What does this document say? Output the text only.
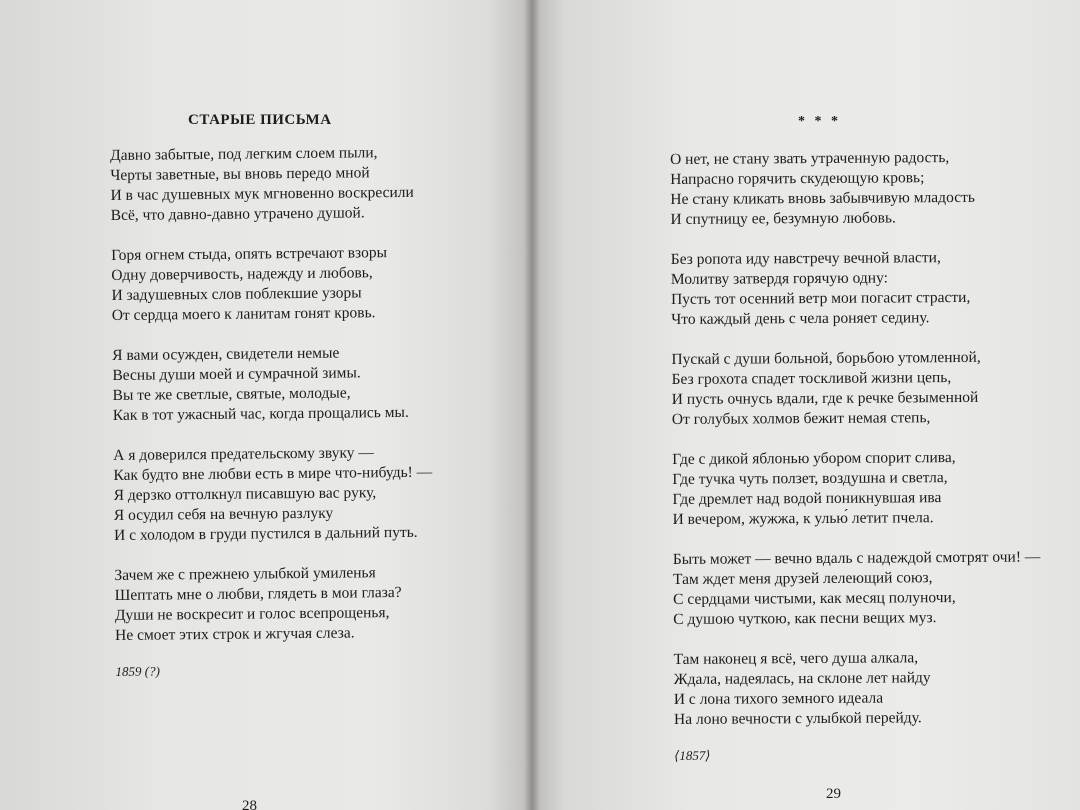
СТАРЫЕ ПИСЬМА
Давно забытые, под легким слоем пыли,
Черты заветные, вы вновь передо мной
И в час душевных мук мгновенно воскресили
Всё, что давно-давно утрачено душой.
Горя огнем стыда, опять встречают взоры
Одну доверчивость, надежду и любовь,
И задушевных слов поблекшие узоры
От сердца моего к ланитам гонят кровь.
Я вами осужден, свидетели немые
Весны души моей и сумрачной зимы.
Вы те же светлые, святые, молодые,
Как в тот ужасный час, когда прощались мы.
А я доверился предательскому звуку —
Как будто вне любви есть в мире что-нибудь! —
Я дерзко оттолкнул писавшую вас руку,
Я осудил себя на вечную разлуку
И с холодом в груди пустился в дальний путь.
Зачем же с прежнею улыбкой умиленья
Шептать мне о любви, глядеть в мои глаза?
Души не воскресит и голос всепрощенья,
Не смоет этих строк и жгучая слеза.
1859 (?)
28
* * *
О нет, не стану звать утраченную радость,
Напрасно горячить скудеющую кровь;
Не стану кликать вновь забывчивую младость
И спутницу ее, безумную любовь.
Без ропота иду навстречу вечной власти,
Молитву затвердя горячую одну:
Пусть тот осенний ветр мои погасит страсти,
Что каждый день с чела роняет седину.
Пускай с души больной, борьбою утомленной,
Без грохота спадет тоскливой жизни цепь,
И пусть очнусь вдали, где к речке безыменной
От голубых холмов бежит немая степь,
Где с дикой яблонью убором спорит слива,
Где тучка чуть ползет, воздушна и светла,
Где дремлет над водой поникнувшая ива
И вечером, жужжа, к улью́ летит пчела.
Быть может — вечно вдаль с надеждой смотрят очи! —
Там ждет меня друзей лелеющий союз,
С сердцами чистыми, как месяц полуночи,
С душою чуткою, как песни вещих муз.
Там наконец я всё, чего душа алкала,
Ждала, надеялась, на склоне лет найду
И с лона тихого земного идеала
На лоно вечности с улыбкой перейду.
⟨1857⟩
29
